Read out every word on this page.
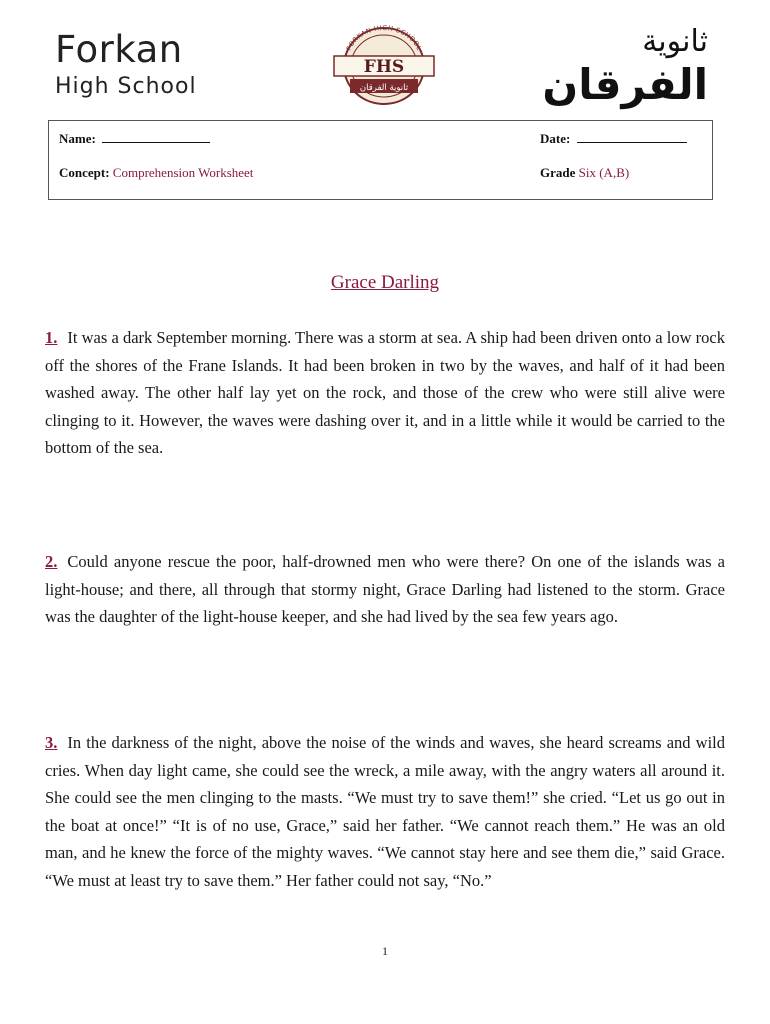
Forkan
High School
FORKAN HIGH SCHOOL
FHS
ثانوية الفرقان
ثانوية
الفرقان
Name:	Date:
Concept: Comprehension Worksheet	Grade Six (A,B)
Grace Darling

1. It was a dark September morning. There was a storm at sea. A ship had been driven onto a low rock off the shores of the Frane Islands. It had been broken in two by the waves, and half of it had been washed away. The other half lay yet on the rock, and those of the crew who were still alive were clinging to it. However, the waves were dashing over it, and in a little while it would be carried to the bottom of the sea.

2. Could anyone rescue the poor, half-drowned men who were there? On one of the islands was a light-house; and there, all through that stormy night, Grace Darling had listened to the storm. Grace was the daughter of the light-house keeper, and she had lived by the sea few years ago.

3. In the darkness of the night, above the noise of the winds and waves, she heard screams and wild cries. When day light came, she could see the wreck, a mile away, with the angry waters all around it. She could see the men clinging to the masts. “We must try to save them!” she cried. “Let us go out in the boat at once!” “It is of no use, Grace,” said her father. “We cannot reach them.” He was an old man, and he knew the force of the mighty waves. “We cannot stay here and see them die,” said Grace. “We must at least try to save them.” Her father could not say, “No.”

1
